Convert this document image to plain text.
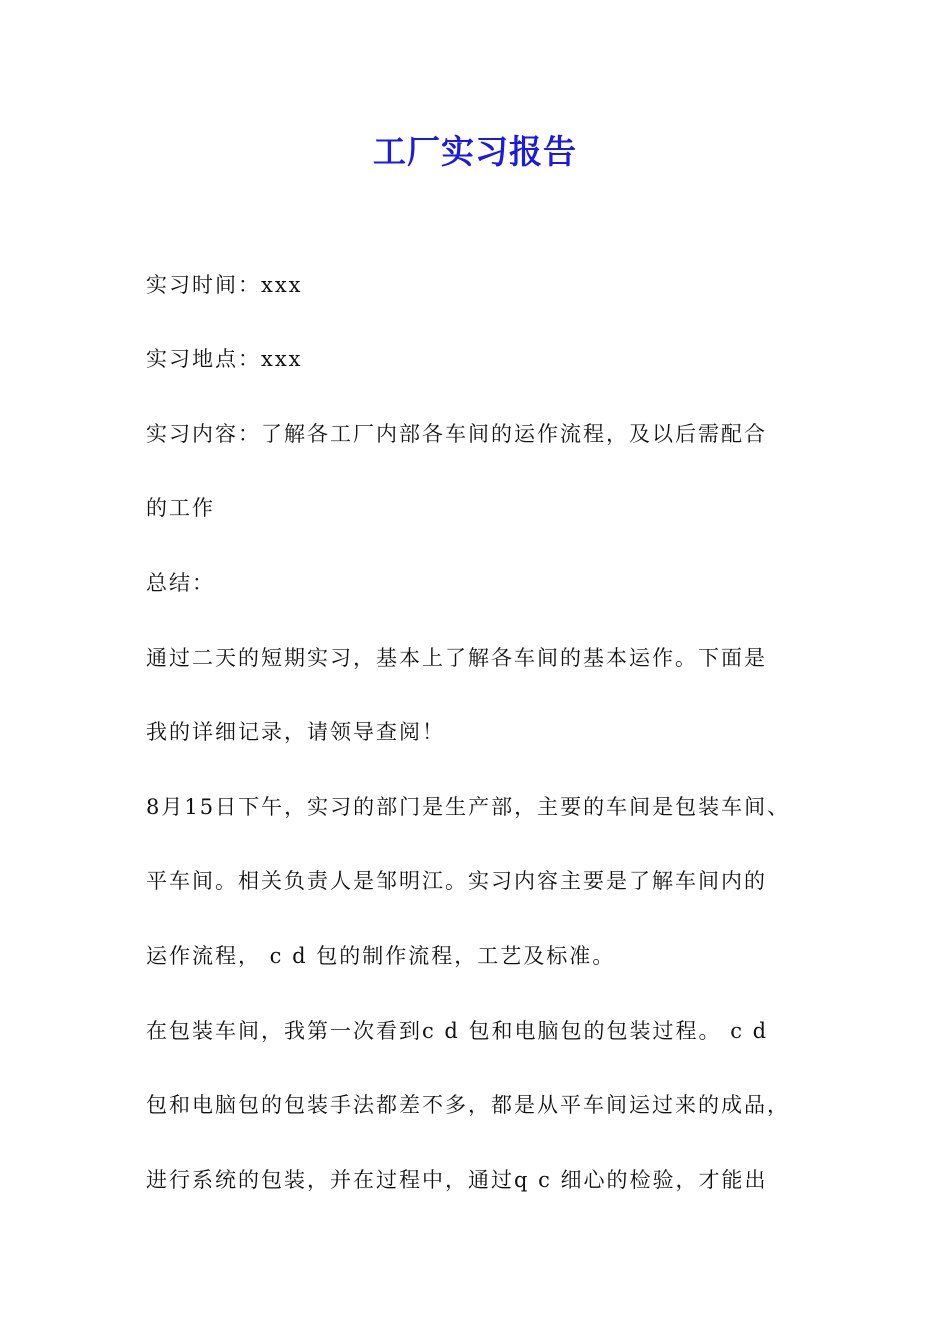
工厂实习报告
实习时间：xxx
实习地点：xxx
实习内容：了解各工厂内部各车间的运作流程，及以后需配合
的工作
总结：
通过二天的短期实习，基本上了解各车间的基本运作。下面是
我的详细记录，请领导查阅！
8月15日下午，实习的部门是生产部，主要的车间是包装车间、
平车间。相关负责人是邹明江。实习内容主要是了解车间内的
运作流程， c d 包的制作流程，工艺及标准。
在包装车间，我第一次看到c d 包和电脑包的包装过程。 c d
包和电脑包的包装手法都差不多，都是从平车间运过来的成品，
进行系统的包装，并在过程中，通过q c 细心的检验，才能出
